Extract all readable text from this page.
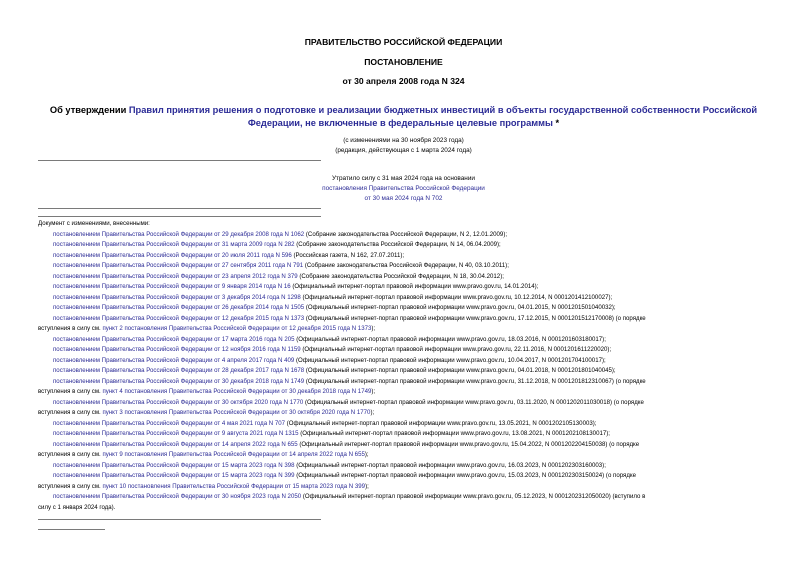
ПРАВИТЕЛЬСТВО РОССИЙСКОЙ ФЕДЕРАЦИИ
ПОСТАНОВЛЕНИЕ
от 30 апреля 2008 года N 324
Об утверждении Правил принятия решения о подготовке и реализации бюджетных инвестиций в объекты государственной собственности Российской
Федерации, не включенные в федеральные целевые программы *
(с изменениями на 30 ноября 2023 года)
(редакция, действующая с 1 марта 2024 года)
Утратило силу с 31 мая 2024 года на основании
постановления Правительства Российской Федерации
от 30 мая 2024 года N 702
Документ с изменениями, внесенными:
постановлением Правительства Российской Федерации от 29 декабря 2008 года N 1062 (Собрание законодательства Российской Федерации, N 2, 12.01.2009);
постановлением Правительства Российской Федерации от 31 марта 2009 года N 282 (Собрание законодательства Российской Федерации, N 14, 06.04.2009);
постановлением Правительства Российской Федерации от 20 июля 2011 года N 596 (Российская газета, N 162, 27.07.2011);
постановлением Правительства Российской Федерации от 27 сентября 2011 года N 791 (Собрание законодательства Российской Федерации, N 40, 03.10.2011);
постановлением Правительства Российской Федерации от 23 апреля 2012 года N 379 (Собрание законодательства Российской Федерации, N 18, 30.04.2012);
постановлением Правительства Российской Федерации от 9 января 2014 года N 16 (Официальный интернет-портал правовой информации www.pravo.gov.ru, 14.01.2014);
постановлением Правительства Российской Федерации от 3 декабря 2014 года N 1298 (Официальный интернет-портал правовой информации www.pravo.gov.ru, 10.12.2014, N 0001201412100027);
постановлением Правительства Российской Федерации от 26 декабря 2014 года N 1505 (Официальный интернет-портал правовой информации www.pravo.gov.ru, 04.01.2015, N 0001201501040032);
постановлением Правительства Российской Федерации от 12 декабря 2015 года N 1373 (Официальный интернет-портал правовой информации www.pravo.gov.ru, 17.12.2015, N 0001201512170008) (о порядке
вступления в силу см. пункт 2 постановления Правительства Российской Федерации от 12 декабря 2015 года N 1373);
постановлением Правительства Российской Федерации от 17 марта 2016 года N 205 (Официальный интернет-портал правовой информации www.pravo.gov.ru, 18.03.2016, N 0001201603180017);
постановлением Правительства Российской Федерации от 12 ноября 2016 года N 1159 (Официальный интернет-портал правовой информации www.pravo.gov.ru, 22.11.2016, N 0001201611220020);
постановлением Правительства Российской Федерации от 4 апреля 2017 года N 409 (Официальный интернет-портал правовой информации www.pravo.gov.ru, 10.04.2017, N 0001201704100017);
постановлением Правительства Российской Федерации от 28 декабря 2017 года N 1678 (Официальный интернет-портал правовой информации www.pravo.gov.ru, 04.01.2018, N 0001201801040045);
постановлением Правительства Российской Федерации от 30 декабря 2018 года N 1749 (Официальный интернет-портал правовой информации www.pravo.gov.ru, 31.12.2018, N 0001201812310067) (о порядке
вступления в силу см. пункт 4 постановления Правительства Российской Федерации от 30 декабря 2018 года N 1749);
постановлением Правительства Российской Федерации от 30 октября 2020 года N 1770 (Официальный интернет-портал правовой информации www.pravo.gov.ru, 03.11.2020, N 0001202011030018) (о порядке
вступления в силу см. пункт 3 постановления Правительства Российской Федерации от 30 октября 2020 года N 1770);
постановлением Правительства Российской Федерации от 4 мая 2021 года N 707 (Официальный интернет-портал правовой информации www.pravo.gov.ru, 13.05.2021, N 0001202105130003);
постановлением Правительства Российской Федерации от 9 августа 2021 года N 1315 (Официальный интернет-портал правовой информации www.pravo.gov.ru, 13.08.2021, N 0001202108130017);
постановлением Правительства Российской Федерации от 14 апреля 2022 года N 655 (Официальный интернет-портал правовой информации www.pravo.gov.ru, 15.04.2022, N 0001202204150038) (о порядке
вступления в силу см. пункт 9 постановления Правительства Российской Федерации от 14 апреля 2022 года N 655);
постановлением Правительства Российской Федерации от 15 марта 2023 года N 398 (Официальный интернет-портал правовой информации www.pravo.gov.ru, 16.03.2023, N 0001202303160003);
постановлением Правительства Российской Федерации от 15 марта 2023 года N 399 (Официальный интернет-портал правовой информации www.pravo.gov.ru, 15.03.2023, N 0001202303150024) (о порядке
вступления в силу см. пункт 10 постановления Правительства Российской Федерации от 15 марта 2023 года N 399);
постановлением Правительства Российской Федерации от 30 ноября 2023 года N 2050 (Официальный интернет-портал правовой информации www.pravo.gov.ru, 05.12.2023, N 0001202312050020) (вступило в
силу с 1 января 2024 года).
